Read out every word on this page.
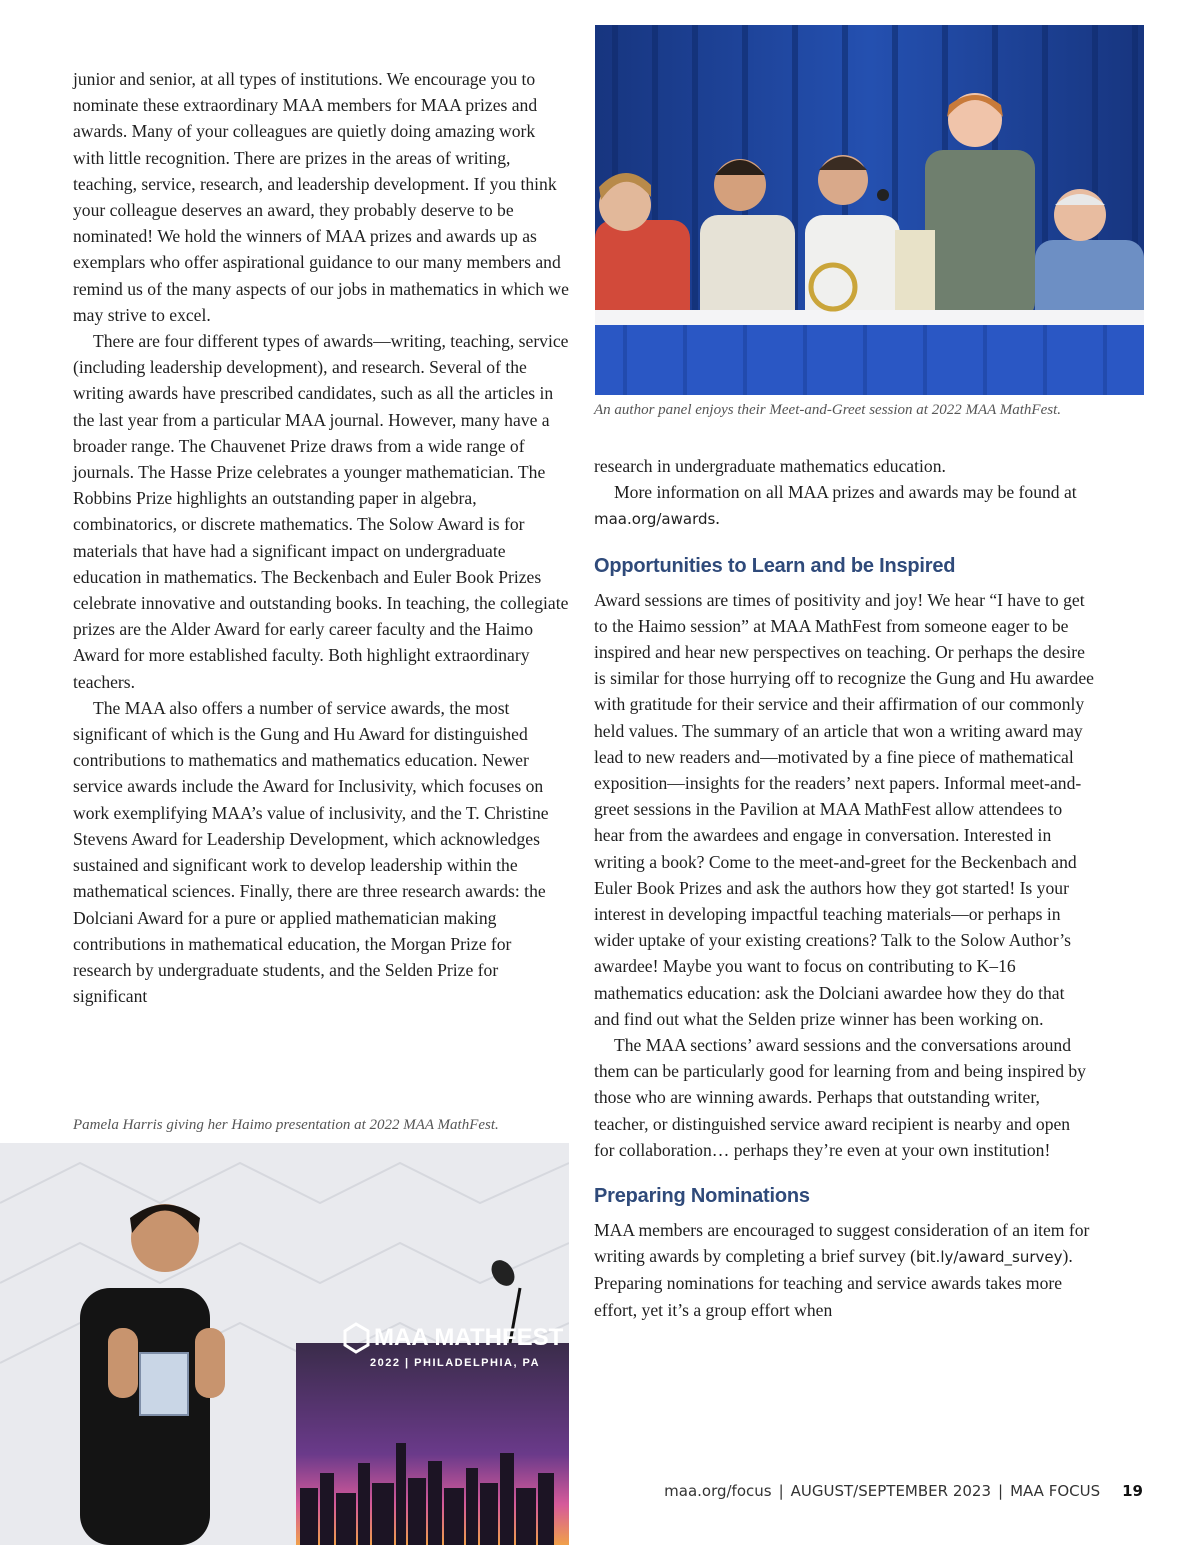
junior and senior, at all types of institutions. We encourage you to nominate these extraordinary MAA members for MAA prizes and awards. Many of your colleagues are quietly doing amazing work with little recognition. There are prizes in the areas of writing, teaching, service, research, and leadership development. If you think your colleague deserves an award, they probably deserve to be nominated! We hold the winners of MAA prizes and awards up as exemplars who offer aspirational guidance to our many members and remind us of the many aspects of our jobs in mathematics in which we may strive to excel.

There are four different types of awards—writing, teaching, service (including leadership development), and research. Several of the writing awards have prescribed candidates, such as all the articles in the last year from a particular MAA journal. However, many have a broader range. The Chauvenet Prize draws from a wide range of journals. The Hasse Prize celebrates a younger mathematician. The Robbins Prize highlights an outstanding paper in algebra, combinatorics, or discrete mathematics. The Solow Award is for materials that have had a significant impact on undergraduate education in mathematics. The Beckenbach and Euler Book Prizes celebrate innovative and outstanding books. In teaching, the collegiate prizes are the Alder Award for early career faculty and the Haimo Award for more established faculty. Both highlight extraordinary teachers.

The MAA also offers a number of service awards, the most significant of which is the Gung and Hu Award for distinguished contributions to mathematics and mathematics education. Newer service awards include the Award for Inclusivity, which focuses on work exemplifying MAA’s value of inclusivity, and the T. Christine Stevens Award for Leadership Development, which acknowledges sustained and significant work to develop leadership within the mathematical sciences. Finally, there are three research awards: the Dolciani Award for a pure or applied mathematician making contributions in mathematical education, the Morgan Prize for research by undergraduate students, and the Selden Prize for significant

An author panel enjoys their Meet-and-Greet session at 2022 MAA MathFest.

research in undergraduate mathematics education.

More information on all MAA prizes and awards may be found at maa.org/awards.

Opportunities to Learn and be Inspired

Award sessions are times of positivity and joy! We hear “I have to get to the Haimo session” at MAA MathFest from someone eager to be inspired and hear new perspectives on teaching. Or perhaps the desire is similar for those hurrying off to recognize the Gung and Hu awardee with gratitude for their service and their affirmation of our commonly held values. The summary of an article that won a writing award may lead to new readers and—motivated by a fine piece of mathematical exposition—insights for the readers’ next papers. Informal meet-and-greet sessions in the Pavilion at MAA MathFest allow attendees to hear from the awardees and engage in conversation. Interested in writing a book? Come to the meet-and-greet for the Beckenbach and Euler Book Prizes and ask the authors how they got started! Is your interest in developing impactful teaching materials—or perhaps in wider uptake of your existing creations? Talk to the Solow Author’s awardee! Maybe you want to focus on contributing to K–16 mathematics education: ask the Dolciani awardee how they do that and find out what the Selden prize winner has been working on.

The MAA sections’ award sessions and the conversations around them can be particularly good for learning from and being inspired by those who are winning awards. Perhaps that outstanding writer, teacher, or distinguished service award recipient is nearby and open for collaboration… perhaps they’re even at your own institution!

Preparing Nominations

MAA members are encouraged to suggest consideration of an item for writing awards by completing a brief survey (bit.ly/award_survey). Preparing nominations for teaching and service awards takes more effort, yet it’s a group effort when

Pamela Harris giving her Haimo presentation at 2022 MAA MathFest.
MAA MATHFEST
2022 | PHILADELPHIA, PA
maa.org/focus | AUGUST/SEPTEMBER 2023 | MAA FOCUS 19
